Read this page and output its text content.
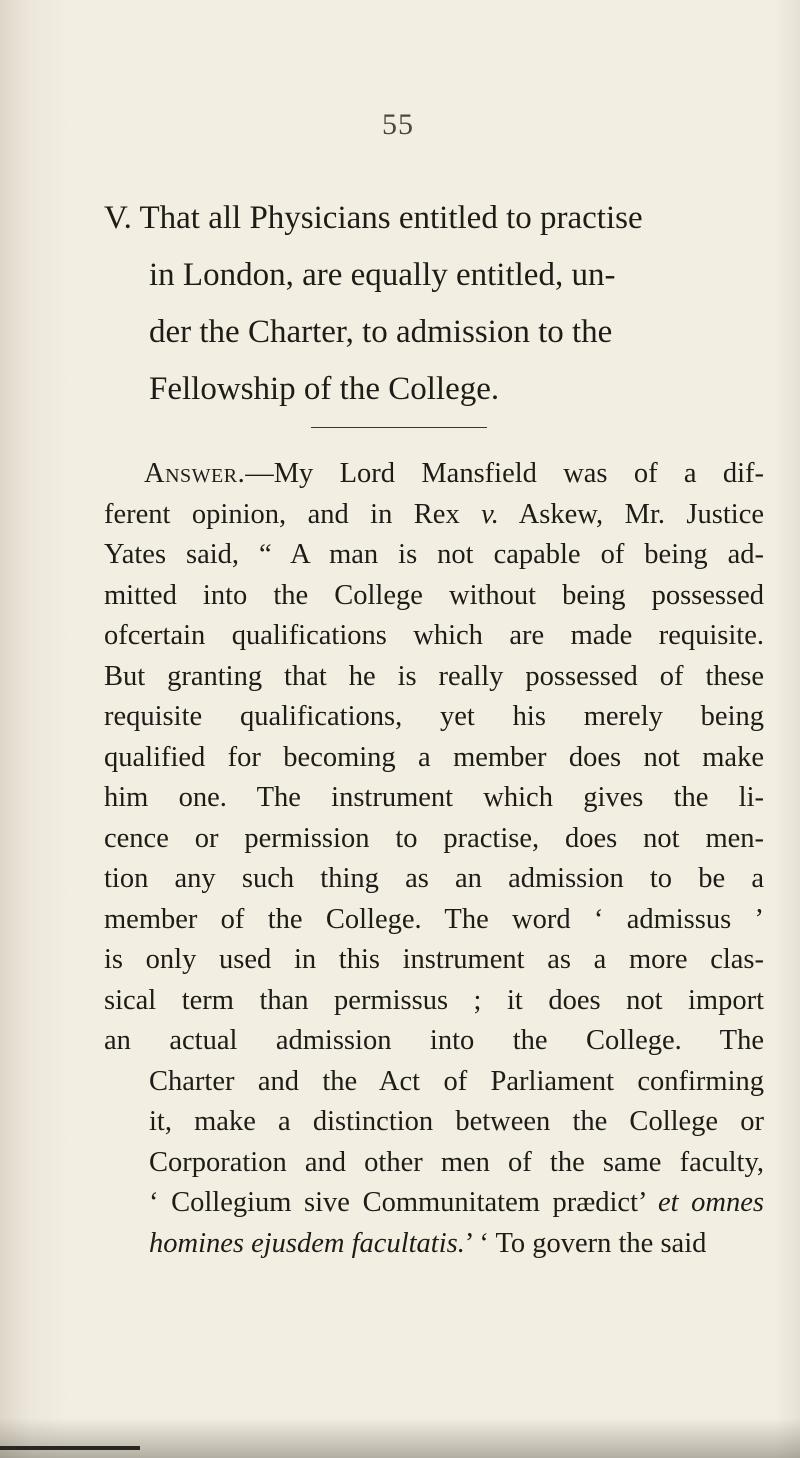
55
V. That all Physicians entitled to practise
in London, are equally entitled, un-
der the Charter, to admission to the
Fellowship of the College.
Answer.—My Lord Mansfield was of a dif-
ferent opinion, and in Rex v. Askew, Mr. Justice
Yates said, “ A man is not capable of being ad-
mitted into the College without being possessed
ofcertain qualifications which are made requisite.
But granting that he is really possessed of these
requisite qualifications, yet his merely being
qualified for becoming a member does not make
him one. The instrument which gives the li-
cence or permission to practise, does not men-
tion any such thing as an admission to be a
member of the College. The word ‘ admissus ’
is only used in this instrument as a more clas-
sical term than permissus ; it does not import
an actual admission into the College. The
Charter and the Act of Parliament confirming
it, make a distinction between the College or
Corporation and other men of the same faculty,
‘ Collegium sive Communitatem prædict’ et omnes
homines ejusdem facultatis.’ ‘ To govern the said
